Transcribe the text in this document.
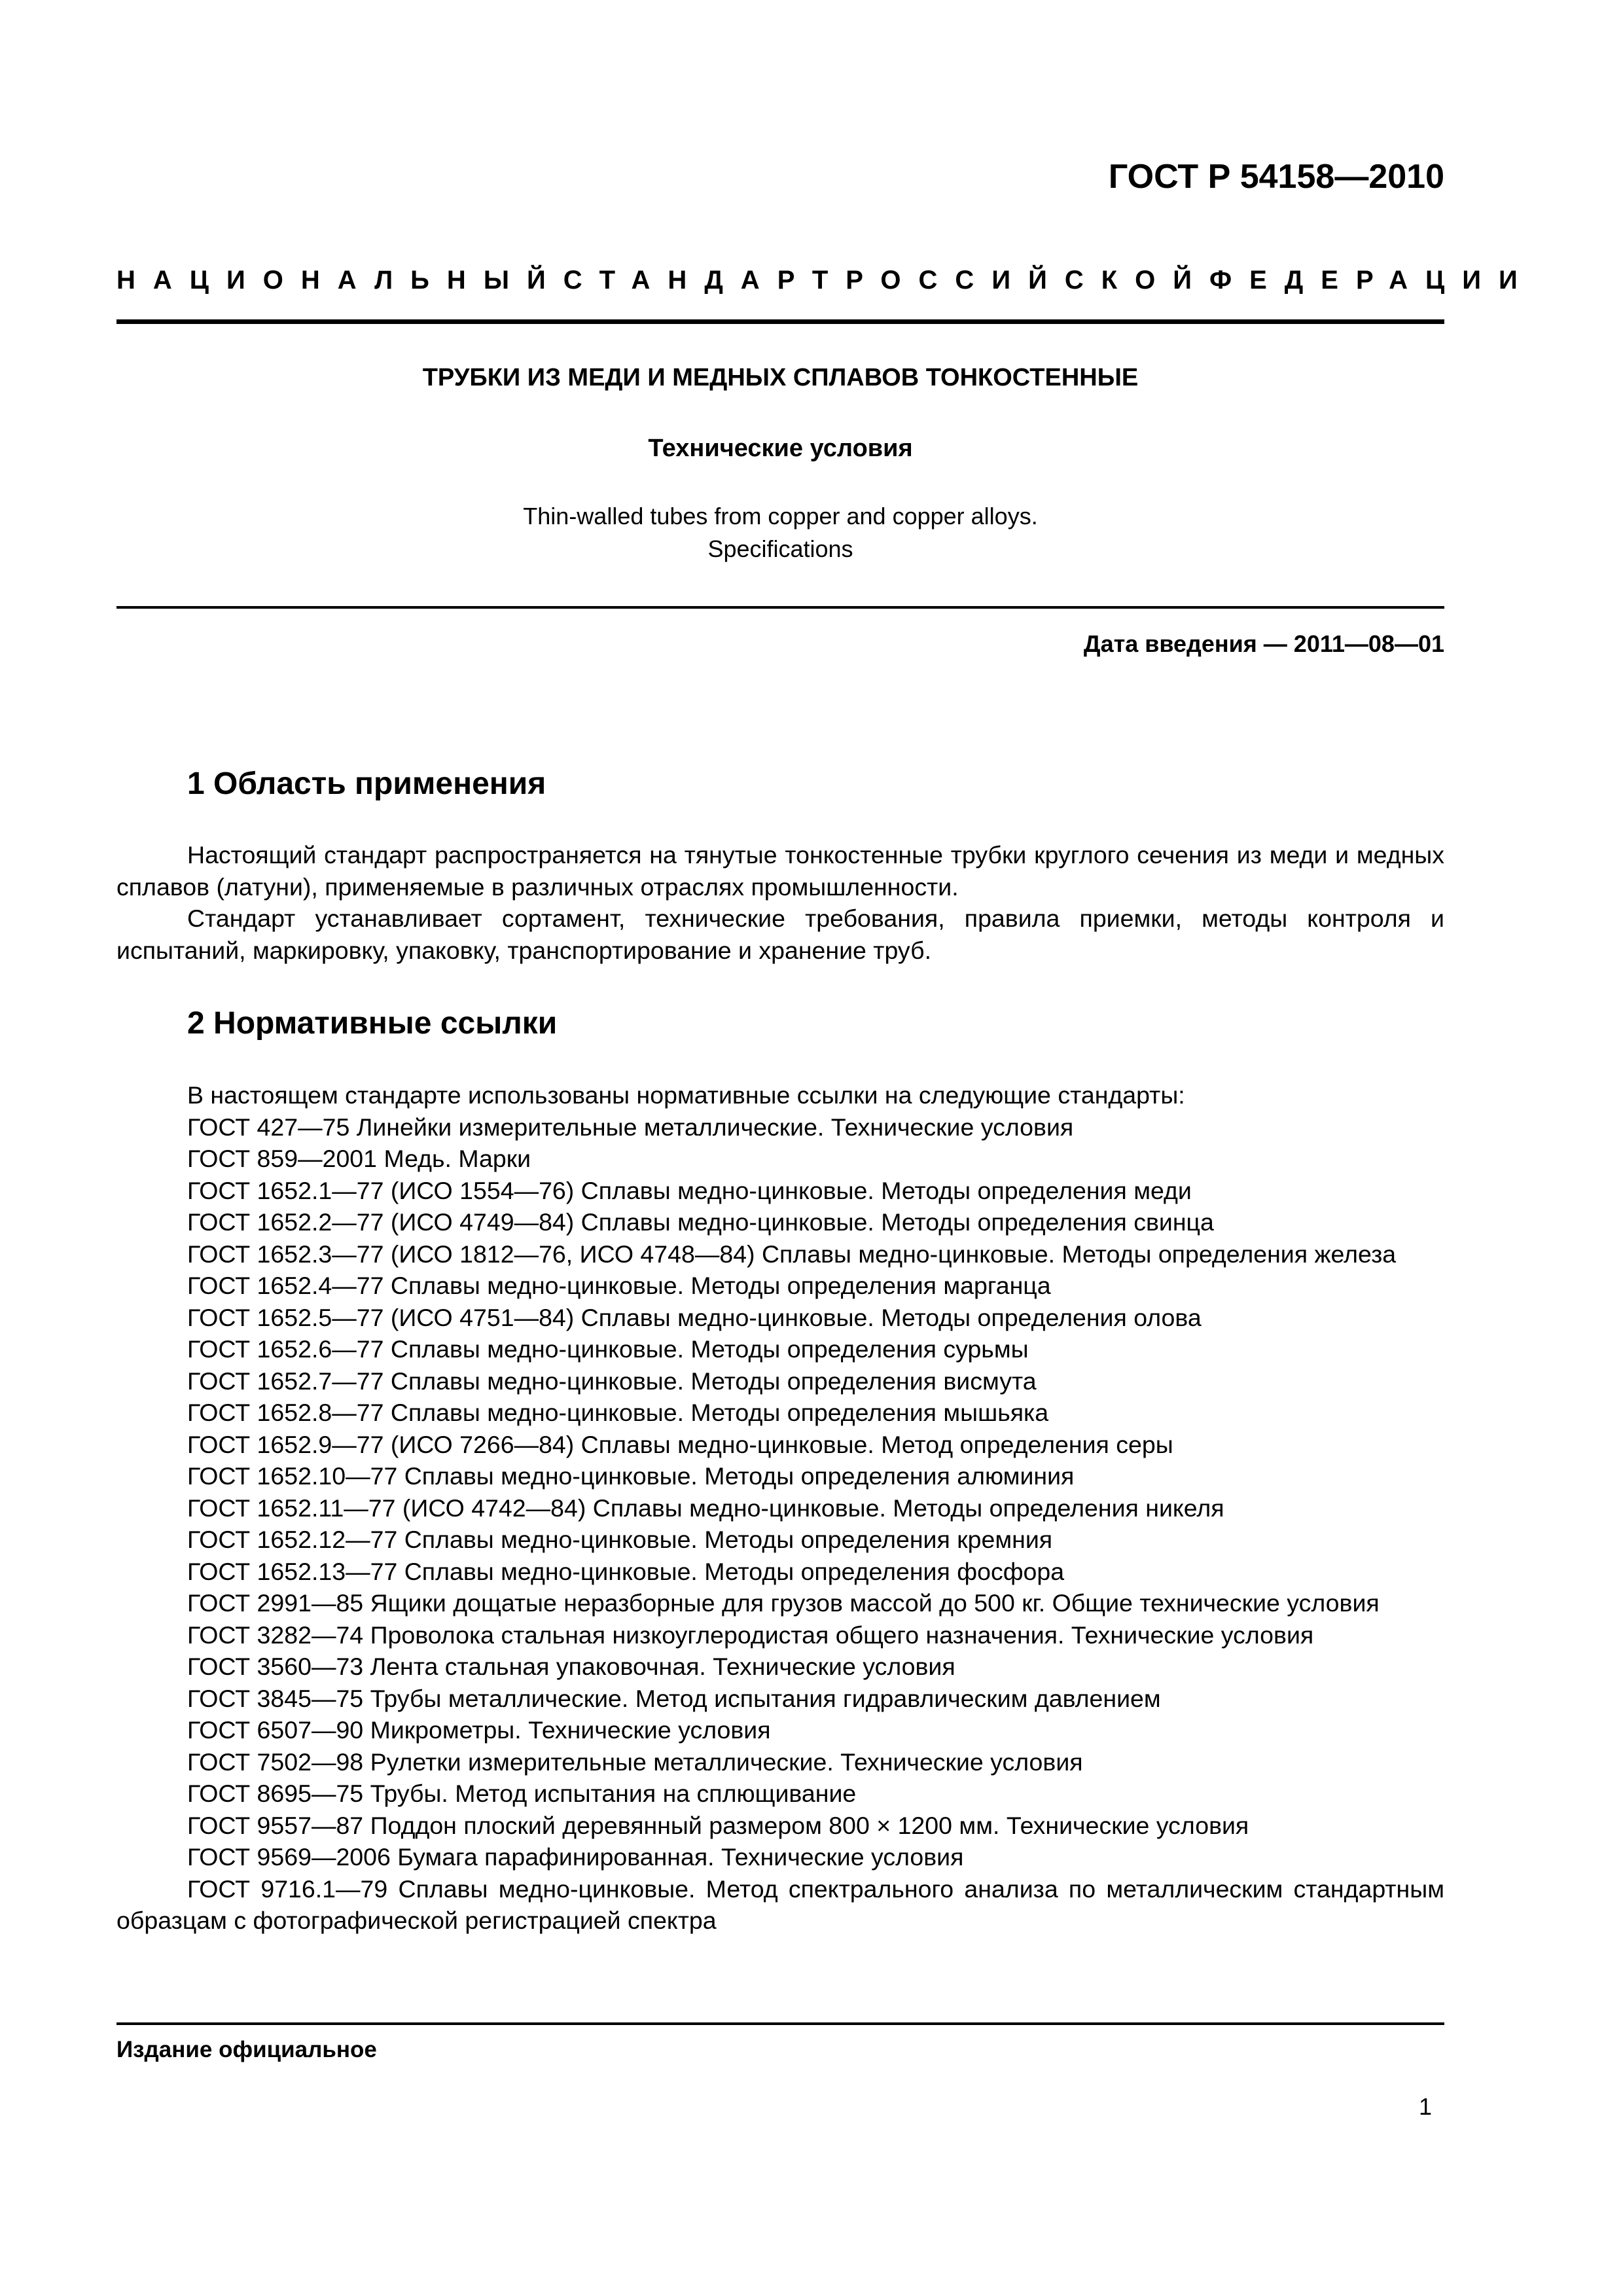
ГОСТ Р 54158—2010

НАЦИОНАЛЬНЫЙ СТАНДАРТ РОССИЙСКОЙ ФЕДЕРАЦИИ

ТРУБКИ ИЗ МЕДИ И МЕДНЫХ СПЛАВОВ ТОНКОСТЕННЫЕ

Технические условия

Thin-walled tubes from copper and copper alloys.
Specifications

Дата введения — 2011—08—01

1 Область применения

Настоящий стандарт распространяется на тянутые тонкостенные трубки круглого сечения из меди и медных сплавов (латуни), применяемые в различных отраслях промышленности.

Стандарт устанавливает сортамент, технические требования, правила приемки, методы контроля и испытаний, маркировку, упаковку, транспортирование и хранение труб.

2 Нормативные ссылки

В настоящем стандарте использованы нормативные ссылки на следующие стандарты:

ГОСТ 427—75 Линейки измерительные металлические. Технические условия

ГОСТ 859—2001 Медь. Марки

ГОСТ 1652.1—77 (ИСО 1554—76) Сплавы медно-цинковые. Методы определения меди

ГОСТ 1652.2—77 (ИСО 4749—84) Сплавы медно-цинковые. Методы определения свинца

ГОСТ 1652.3—77 (ИСО 1812—76, ИСО 4748—84) Сплавы медно-цинковые. Методы определения железа

ГОСТ 1652.4—77 Сплавы медно-цинковые. Методы определения марганца

ГОСТ 1652.5—77 (ИСО 4751—84) Сплавы медно-цинковые. Методы определения олова

ГОСТ 1652.6—77 Сплавы медно-цинковые. Методы определения сурьмы

ГОСТ 1652.7—77 Сплавы медно-цинковые. Методы определения висмута

ГОСТ 1652.8—77 Сплавы медно-цинковые. Методы определения мышьяка

ГОСТ 1652.9—77 (ИСО 7266—84) Сплавы медно-цинковые. Метод определения серы

ГОСТ 1652.10—77 Сплавы медно-цинковые. Методы определения алюминия

ГОСТ 1652.11—77 (ИСО 4742—84) Сплавы медно-цинковые. Методы определения никеля

ГОСТ 1652.12—77 Сплавы медно-цинковые. Методы определения кремния

ГОСТ 1652.13—77 Сплавы медно-цинковые. Методы определения фосфора

ГОСТ 2991—85 Ящики дощатые неразборные для грузов массой до 500 кг. Общие технические условия

ГОСТ 3282—74 Проволока стальная низкоуглеродистая общего назначения. Технические условия

ГОСТ 3560—73 Лента стальная упаковочная. Технические условия

ГОСТ 3845—75 Трубы металлические. Метод испытания гидравлическим давлением

ГОСТ 6507—90 Микрометры. Технические условия

ГОСТ 7502—98 Рулетки измерительные металлические. Технические условия

ГОСТ 8695—75 Трубы. Метод испытания на сплющивание

ГОСТ 9557—87 Поддон плоский деревянный размером 800 × 1200 мм. Технические условия

ГОСТ 9569—2006 Бумага парафинированная. Технические условия

ГОСТ 9716.1—79 Сплавы медно-цинковые. Метод спектрального анализа по металлическим стандартным образцам с фотографической регистрацией спектра

Издание официальное

1
